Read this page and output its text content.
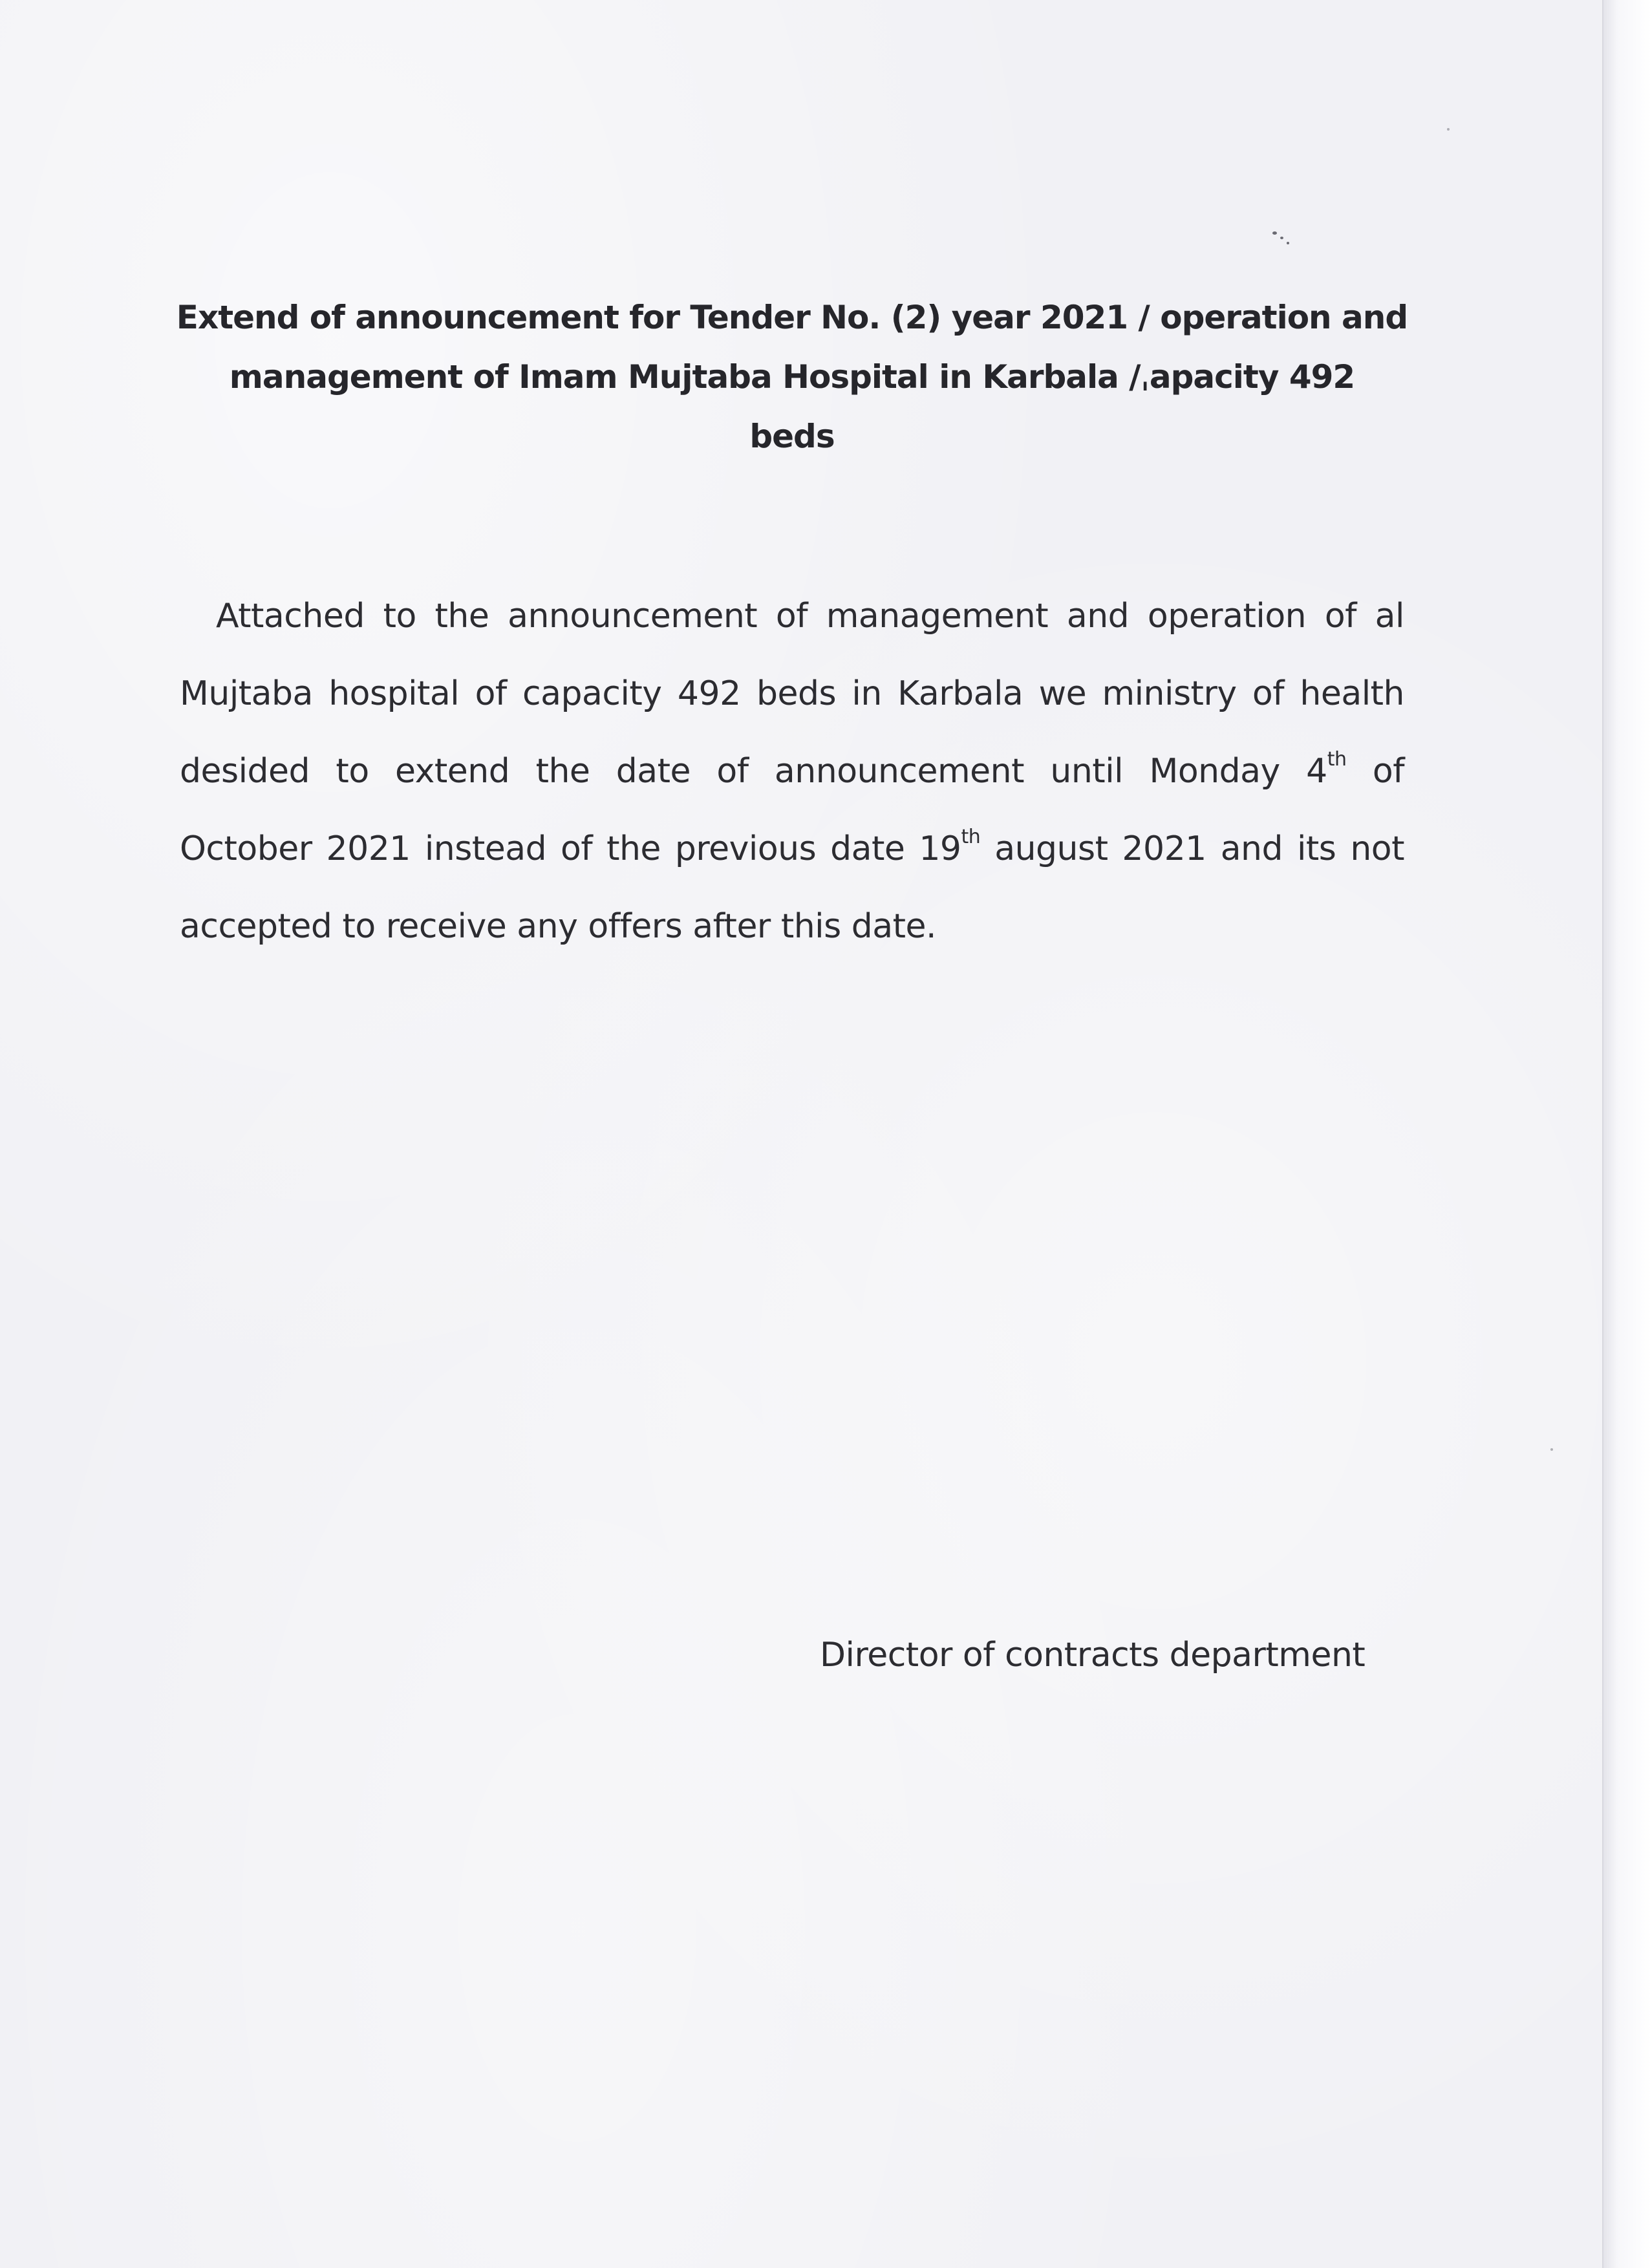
Extend of announcement for Tender No. (2) year 2021 / operation and
management of Imam Mujtaba Hospital in Karbala /ˌapacity 492
beds
Attached to the announcement of management and operation of al
Mujtaba hospital of capacity 492 beds in Karbala we ministry of health
desided to extend the date of announcement until Monday 4th of
October 2021 instead of the previous date 19th august 2021 and its not
accepted to receive any offers after this date.
Director of contracts department
